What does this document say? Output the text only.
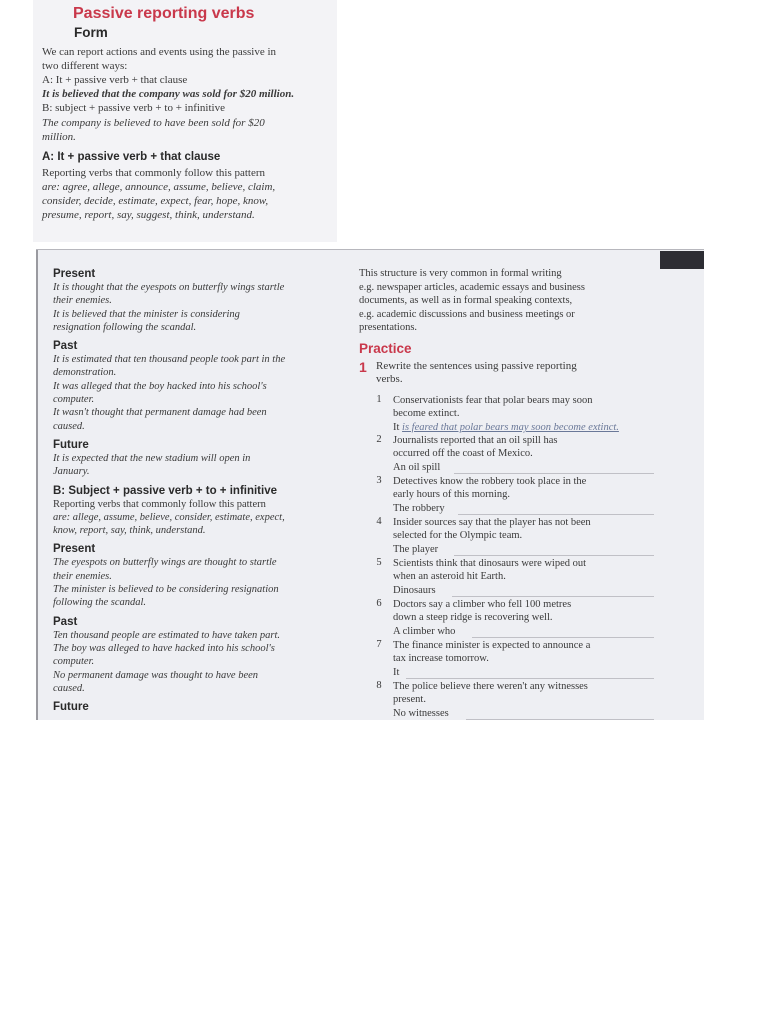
Passive reporting verbs
Form
We can report actions and events using the passive in
two different ways:
A: It + passive verb + that clause
It is believed that the company was sold for $20 million.
B: subject + passive verb + to + infinitive
The company is believed to have been sold for $20
million.
A: It + passive verb + that clause
Reporting verbs that commonly follow this pattern
are: agree, allege, announce, assume, believe, claim,
consider, decide, estimate, expect, fear, hope, know,
presume, report, say, suggest, think, understand.

Present

It is thought that the eyespots on butterfly wings startle

their enemies.

It is believed that the minister is considering

resignation following the scandal.

Past

It is estimated that ten thousand people took part in the

demonstration.

It was alleged that the boy hacked into his school's

computer.

It wasn't thought that permanent damage had been

caused.

Future

It is expected that the new stadium will open in

January.

B: Subject + passive verb + to + infinitive

Reporting verbs that commonly follow this pattern

are: allege, assume, believe, consider, estimate, expect,

know, report, say, think, understand.

Present

The eyespots on butterfly wings are thought to startle

their enemies.

The minister is believed to be considering resignation

following the scandal.

Past

Ten thousand people are estimated to have taken part.

The boy was alleged to have hacked into his school's

computer.

No permanent damage was thought to have been

caused.

Future

This structure is very common in formal writing

e.g. newspaper articles, academic essays and business

documents, as well as in formal speaking contexts,

e.g. academic discussions and business meetings or

presentations.

Practice
1 Rewrite the sentences using passive reporting
verbs.
1	Conservationists fear that polar bears may soon
become extinct.
It is feared that polar bears may soon become extinct.
2	Journalists reported that an oil spill has
occurred off the coast of Mexico.
An oil spill
3	Detectives know the robbery took place in the
early hours of this morning.
The robbery
4	Insider sources say that the player has not been
selected for the Olympic team.
The player
5	Scientists think that dinosaurs were wiped out
when an asteroid hit Earth.
Dinosaurs
6	Doctors say a climber who fell 100 metres
down a steep ridge is recovering well.
A climber who
7	The finance minister is expected to announce a
tax increase tomorrow.
It
8	The police believe there weren't any witnesses
present.
No witnesses
